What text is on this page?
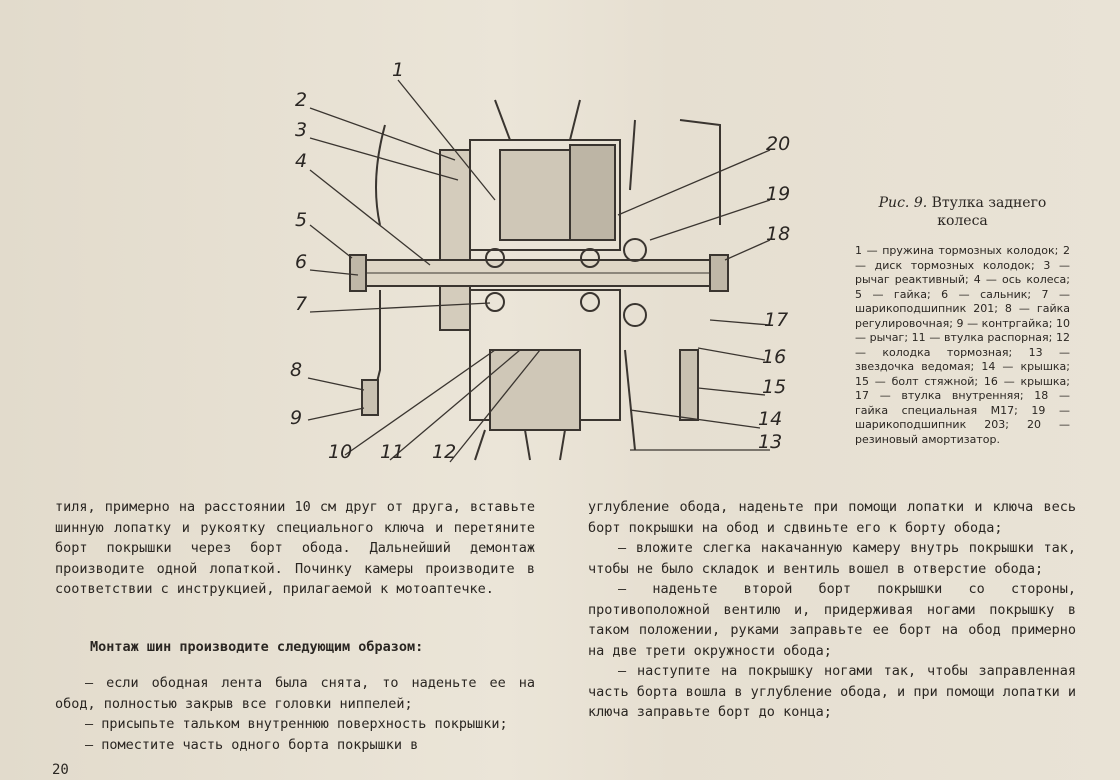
1
2
3
4
5
6
7
8
9
10 11 12	13
14
15
16
17
18
19
20
Рис. 9. Втулка заднего колеса
1 — пружина тормозных колодок; 2 — диск тормозных колодок; 3 — рычаг реактивный; 4 — ось колеса; 5 — гайка; 6 — сальник; 7 — шарикоподшипник 201; 8 — гайка регулировочная; 9 — контргайка; 10 — рычаг; 11 — втулка распорная; 12 — колодка тормозная; 13 — звездочка ведомая; 14 — крышка; 15 — болт стяжной; 16 — крышка; 17 — втулка внутренняя; 18 — гайка специальная М17; 19 — шарикоподшипник 203; 20 — резиновый амортизатор.

тиля, примерно на расстоянии 10 см друг от друга, вставьте шинную лопатку и рукоятку специального ключа и перетяните борт покрышки через борт обода. Дальнейший демонтаж производите одной лопаткой. Починку камеры производите в соответствии с инструкцией, прилагаемой к мотоаптечке.

Монтаж шин производите следующим образом:

— если ободная лента была снята, то наденьте ее на обод, полностью закрыв все головки ниппелей;

— присыпьте тальком внутреннюю поверхность покрышки;

— поместите часть одного борта покрышки в

углубление обода, наденьте при помощи лопатки и ключа весь борт покрышки на обод и сдвиньте его к борту обода;

— вложите слегка накачанную камеру внутрь покрышки так, чтобы не было складок и вентиль вошел в отверстие обода;

— наденьте второй борт покрышки со стороны, противоположной вентилю и, придерживая ногами покрышку в таком положении, руками заправьте ее борт на обод примерно на две трети окружности обода;

— наступите на покрышку ногами так, чтобы заправленная часть борта вошла в углубление обода, и при помощи лопатки и ключа заправьте борт до конца;

20
